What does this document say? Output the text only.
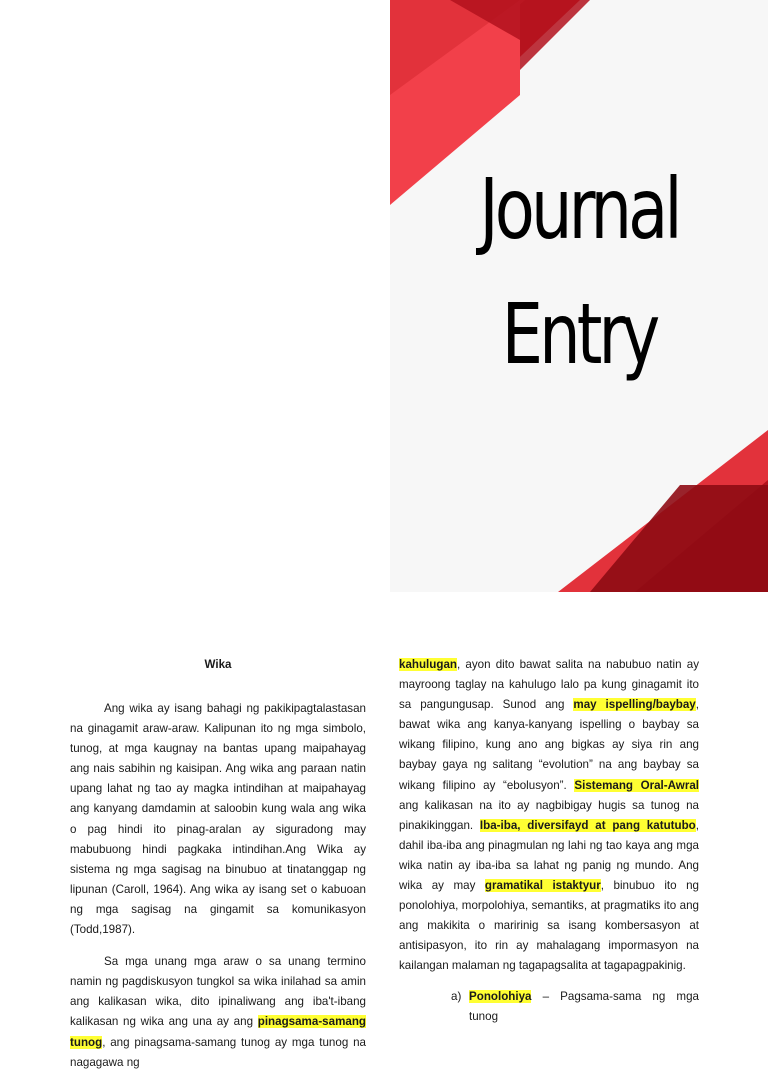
Journal
Entry

Wika

Ang wika ay isang bahagi ng pakikipagtalastasan na ginagamit araw-araw. Kalipunan ito ng mga simbolo, tunog, at mga kaugnay na bantas upang maipahayag ang nais sabihin ng kaisipan. Ang wika ang paraan natin upang lahat ng tao ay magka intindihan at maipahayag ang kanyang damdamin at saloobin kung wala ang wika o pag hindi ito pinag-aralan ay siguradong may mabubuong hindi pagkaka intindihan.Ang Wika ay sistema ng mga sagisag na binubuo at tinatanggap ng lipunan (Caroll, 1964). Ang wika ay isang set o kabuoan ng mga sagisag na gingamit sa komunikasyon (Todd,1987).

Sa mga unang mga araw o sa unang termino namin ng pagdiskusyon tungkol sa wika inilahad sa amin ang kalikasan wika, dito ipinaliwang ang iba't-ibang kalikasan ng wika ang una ay ang pinagsama-samang tunog, ang pinagsama-samang tunog ay mga tunog na nagagawa ng

kahulugan, ayon dito bawat salita na nabubuo natin ay mayroong taglay na kahulugo lalo pa kung ginagamit ito sa pangungusap. Sunod ang may ispelling/baybay, bawat wika ang kanya-kanyang ispelling o baybay sa wikang filipino, kung ano ang bigkas ay siya rin ang baybay gaya ng salitang “evolution” na ang baybay sa wikang filipino ay “ebolusyon”. Sistemang Oral-Awral ang kalikasan na ito ay nagbibigay hugis sa tunog na pinakikinggan. Iba-iba, diversifayd at pang katutubo, dahil iba-iba ang pinagmulan ng lahi ng tao kaya ang mga wika natin ay iba-iba sa lahat ng panig ng mundo. Ang wika ay may gramatikal istaktyur, binubuo ito ng ponolohiya, morpolohiya, semantiks, at pragmatiks ito ang ang makikita o maririnig sa isang kombersasyon at antisipasyon, ito rin ay mahalagang impormasyon na kailangan malaman ng tagapagsalita at tagapagpakinig.

a) Ponolohiya – Pagsama-sama ng mga tunog
